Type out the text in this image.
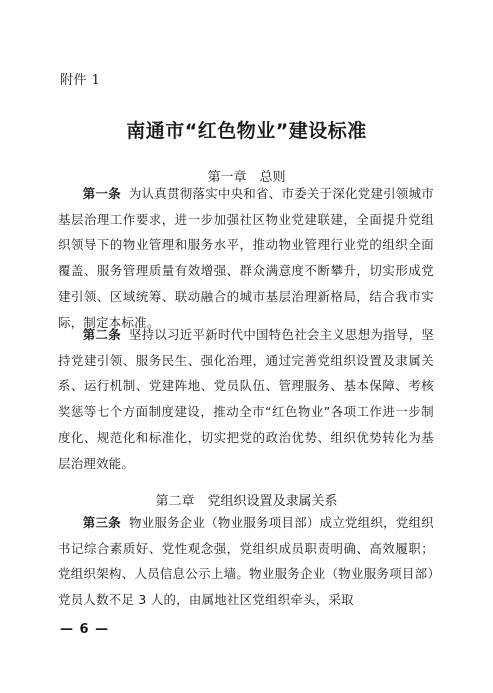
附件 1
南通市“红色物业”建设标准
第一章　总则

第一条 为认真贯彻落实中央和省、市委关于深化党建引领城市基层治理工作要求，进一步加强社区物业党建联建，全面提升党组织领导下的物业管理和服务水平，推动物业管理行业党的组织全面覆盖、服务管理质量有效增强、群众满意度不断攀升，切实形成党建引领、区域统筹、联动融合的城市基层治理新格局，结合我市实际，制定本标准。

第二条 坚持以习近平新时代中国特色社会主义思想为指导，坚持党建引领、服务民生、强化治理，通过完善党组织设置及隶属关系、运行机制、党建阵地、党员队伍、管理服务、基本保障、考核奖惩等七个方面制度建设，推动全市“红色物业”各项工作进一步制度化、规范化和标准化，切实把党的政治优势、组织优势转化为基层治理效能。

第二章　党组织设置及隶属关系

第三条 物业服务企业（物业服务项目部）成立党组织，党组织书记综合素质好、党性观念强，党组织成员职责明确、高效履职；党组织架构、人员信息公示上墙。物业服务企业（物业服务项目部）党员人数不足 3 人的，由属地社区党组织牵头，采取

— 6 —
